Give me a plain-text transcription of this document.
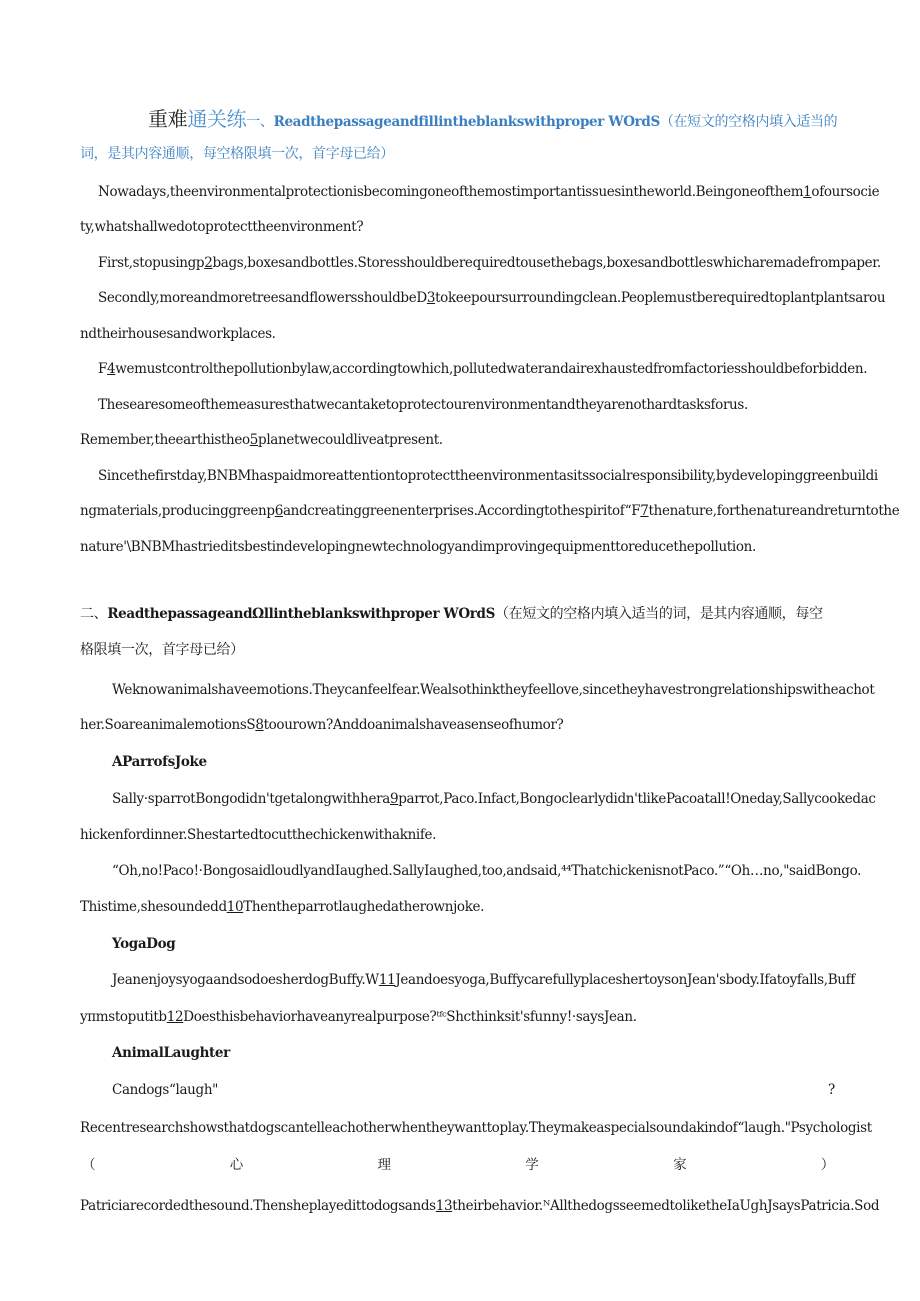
重难通关练一、Readthepassageandfillintheblankswithproper WOrdS（在短文的空格内填入适当的
词，是其内容通顺，每空格限填一次，首字母已给）
Nowadays,theenvironmentalprotectionisbecomingoneofthemostimportantissuesintheworld.Beingoneofthem1ofoursocie
ty,whatshallwedotoprotecttheenvironment?
First,stopusingp2bags,boxesandbottles.Storesshouldberequiredtousethebags,boxesandbottleswhicharemadefrompaper.
Secondly,moreandmoretreesandflowersshouldbeD3tokeepoursurroundingclean.Peoplemustberequiredtoplantplantsarou
ndtheirhousesandworkplaces.
F4wemustcontrolthepollutionbylaw,accordingtowhich,pollutedwaterandairexhaustedfromfactoriesshouldbeforbidden.
Thesearesomeofthemeasuresthatwecantaketoprotectourenvironmentandtheyarenothardtasksforus.
Remember,theearthistheo5planetwecouldliveatpresent.
Sincethefirstday,BNBMhaspaidmoreattentiontoprotecttheenvironmentasitssocialresponsibility,bydevelopinggreenbuildi
ngmaterials,producinggreenp6andcreatinggreenenterprises.Accordingtothespiritof“F7thenature,forthenatureandreturntothe
nature'\BNBMhastrieditsbestindevelopingnewtechnologyandimprovingequipmenttoreducethepollution.
二、ReadthepassageandΩllintheblankswithproper WOrdS（在短文的空格内填入适当的词，是其内容通顺，每空
格限填一次，首字母已给）
Weknowanimalshaveemotions.Theycanfeelfear.Wealsothinktheyfeellove,sincetheyhavestrongrelationshipswitheachot
her.SoareanimalemotionsS8toourown?Anddoanimalshaveasenseofhumor?
AParrofsJoke
Sally·sparrotBongodidn'tgetalongwithhera9parrot,Paco.Infact,Bongoclearlydidn'tlikePacoatall!Oneday,Sallycookedac
hickenfordinner.Shestartedtocutthechickenwithaknife.
“Oh,no!Paco!·BongosaidloudlyandIaughed.SallyIaughed,too,andsaid,⁴⁴ThatchickenisnotPaco.”“Oh…no,"saidBongo.
Thistime,shesoundedd10Thentheparrotlaughedatherownjoke.
YogaDog
JeanenjoysyogaandsodoesherdogBuffy.W11Jeandoesyoga,BuffycarefullyplaceshertoysonJean'sbody.Ifatoyfalls,Buff
yπmstoputitb12Doesthisbehaviorhaveanyrealpurpose?ᵗᶠᶜShcthinksit'sfunny!·saysJean.
AnimalLaughter
Candogs“laugh"	?
Recentresearchshowsthatdogscantelleachotherwhentheywanttoplay.Theymakeaspecialsoundakindof“laugh."Psychologist
（	心	理	学	家	）
Patriciarecordedthesound.Thensheplayedittodogsands13theirbehavior.ᴺAllthedogsseemedtoliketheIaUghJsaysPatricia.Sod
